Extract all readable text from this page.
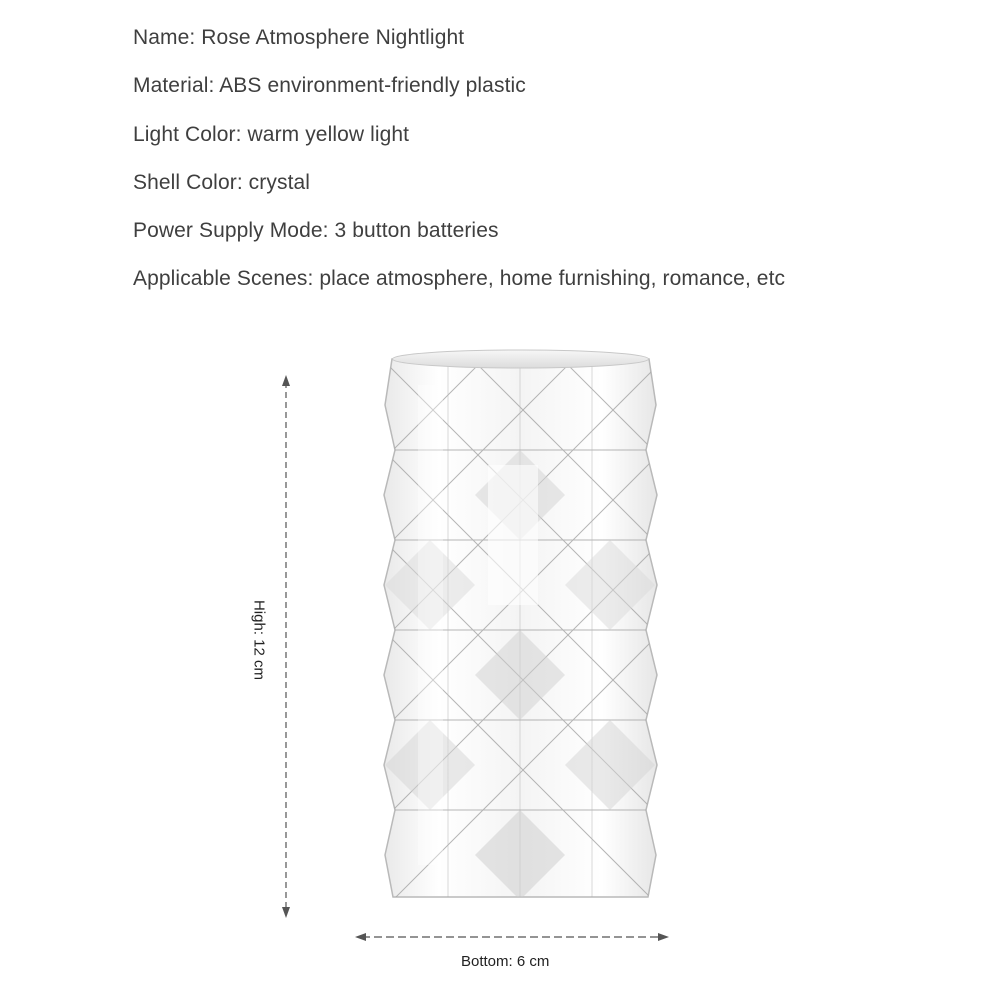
Name: Rose Atmosphere Nightlight
Material: ABS environment-friendly plastic
Light Color: warm yellow light
Shell Color: crystal
Power Supply Mode: 3 button batteries
Applicable Scenes: place atmosphere, home furnishing, romance, etc
High: 12 cm
Bottom: 6 cm
